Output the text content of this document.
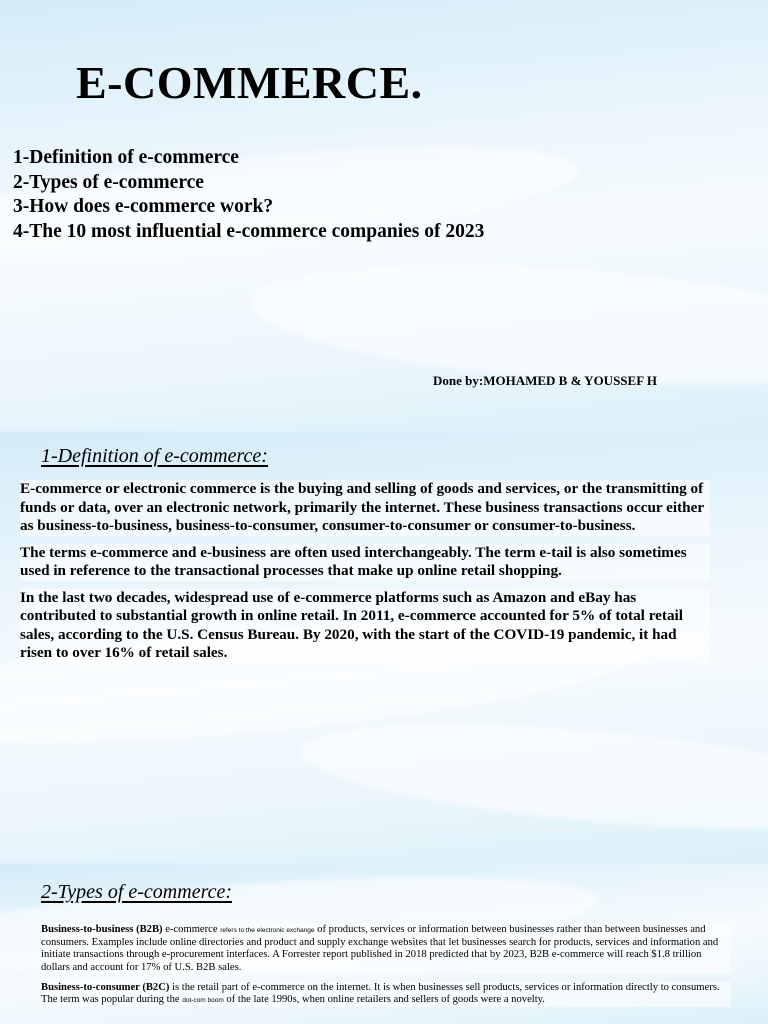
E-COMMERCE.
1-Definition of e-commerce
2-Types of e-commerce
3-How does e-commerce work?
4-The 10 most influential e-commerce companies of 2023
Done by:MOHAMED B & YOUSSEF H
1-Definition of e-commerce:

E-commerce or electronic commerce is the buying and selling of goods and services, or the transmitting of funds or data, over an electronic network, primarily the internet. These business transactions occur either as business-to-business, business-to-consumer, consumer-to-consumer or consumer-to-business.

The terms e-commerce and e-business are often used interchangeably. The term e-tail is also sometimes used in reference to the transactional processes that make up online retail shopping.

In the last two decades, widespread use of e-commerce platforms such as Amazon and eBay has contributed to substantial growth in online retail. In 2011, e-commerce accounted for 5% of total retail sales, according to the U.S. Census Bureau. By 2020, with the start of the COVID-19 pandemic, it had risen to over 16% of retail sales.

2-Types of e-commerce:

Business-to-business (B2B) e-commerce refers to the electronic exchange of products, services or information between businesses rather than between businesses and consumers. Examples include online directories and product and supply exchange websites that let businesses search for products, services and information and initiate transactions through e-procurement interfaces. A Forrester report published in 2018 predicted that by 2023, B2B e-commerce will reach $1.8 trillion dollars and account for 17% of U.S. B2B sales.

Business-to-consumer (B2C) is the retail part of e-commerce on the internet. It is when businesses sell products, services or information directly to consumers. The term was popular during the dot-com boom of the late 1990s, when online retailers and sellers of goods were a novelty.
